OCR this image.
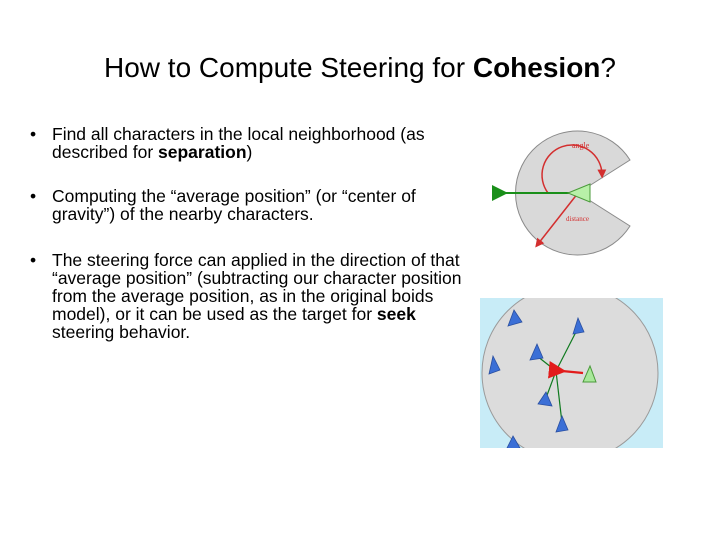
How to Compute Steering for Cohesion?
• Find all characters in the local neighborhood (as described for separation)
• Computing the “average position” (or “center of gravity”) of the nearby characters.
• The steering force can applied in the direction of that “average position” (subtracting our character position from the average position, as in the original boids model), or it can be used as the target for seek steering behavior.
angle
distance
